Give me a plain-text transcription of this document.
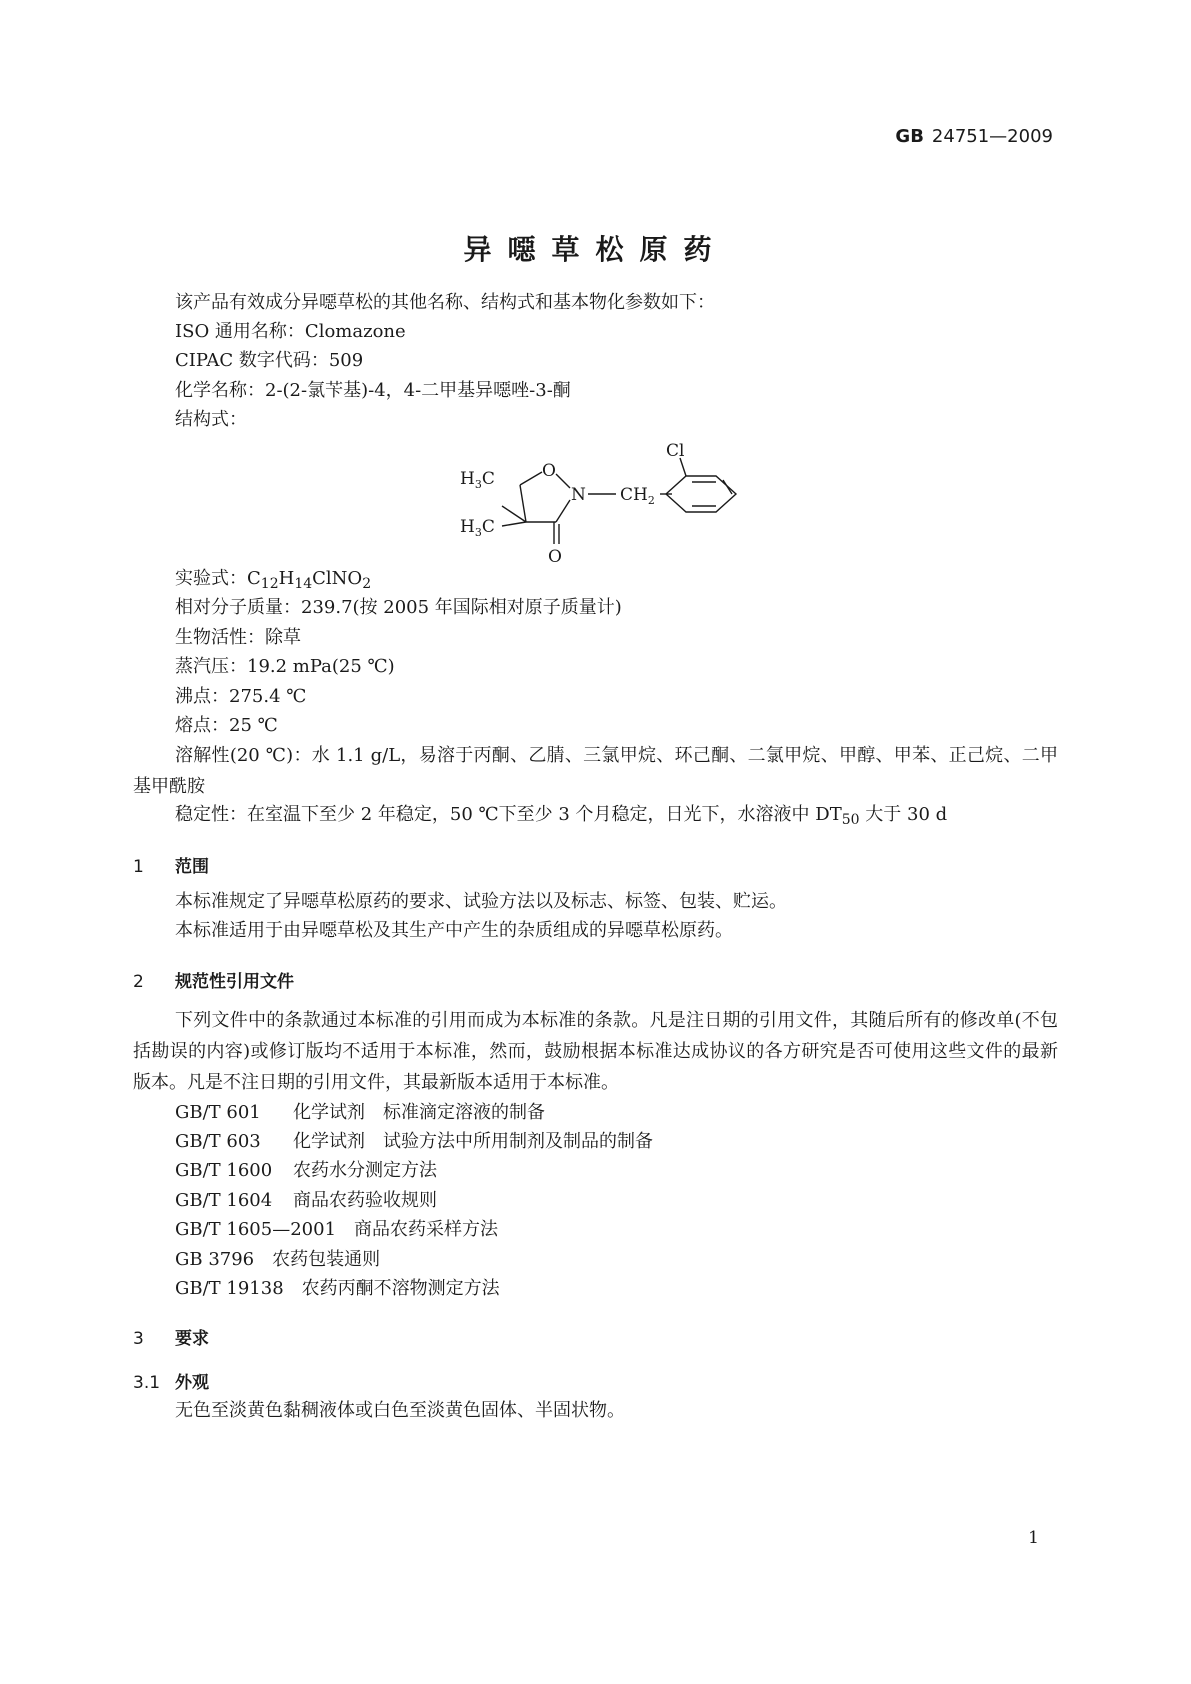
GB 24751—2009
异噁草松原药
该产品有效成分异噁草松的其他名称、结构式和基本物化参数如下：
ISO 通用名称：Clomazone
CIPAC 数字代码：509
化学名称：2-(2-氯苄基)-4，4-二甲基异噁唑-3-酮
结构式：
Cl
O
N $CH_2$
$H_3C$
$H_3C$
O
实验式：$C_{12}H_{14}ClNO_2$
相对分子质量：239.7(按 2005 年国际相对原子质量计)
生物活性：除草
蒸汽压：19.2 mPa(25 ℃)
沸点：275.4 ℃
熔点：25 ℃
溶解性(20 ℃)：水 1.1 g/L，易溶于丙酮、乙腈、三氯甲烷、环己酮、二氯甲烷、甲醇、甲苯、正己烷、二甲基甲酰胺
稳定性：在室温下至少 2 年稳定，50 ℃下至少 3 个月稳定，日光下，水溶液中 $DT_{50}$ 大于 30 d
1 范围
本标准规定了异噁草松原药的要求、试验方法以及标志、标签、包装、贮运。
本标准适用于由异噁草松及其生产中产生的杂质组成的异噁草松原药。
2 规范性引用文件
下列文件中的条款通过本标准的引用而成为本标准的条款。凡是注日期的引用文件，其随后所有的修改单(不包括勘误的内容)或修订版均不适用于本标准，然而，鼓励根据本标准达成协议的各方研究是否可使用这些文件的最新版本。凡是不注日期的引用文件，其最新版本适用于本标准。
GB/T 601　 化学试剂　标准滴定溶液的制备
GB/T 603　 化学试剂　试验方法中所用制剂及制品的制备
GB/T 1600　 农药水分测定方法
GB/T 1604　 商品农药验收规则
GB/T 1605—2001　 商品农药采样方法
GB 3796　 农药包装通则
GB/T 19138　 农药丙酮不溶物测定方法
3 要求
3.1 外观
无色至淡黄色黏稠液体或白色至淡黄色固体、半固状物。
1
